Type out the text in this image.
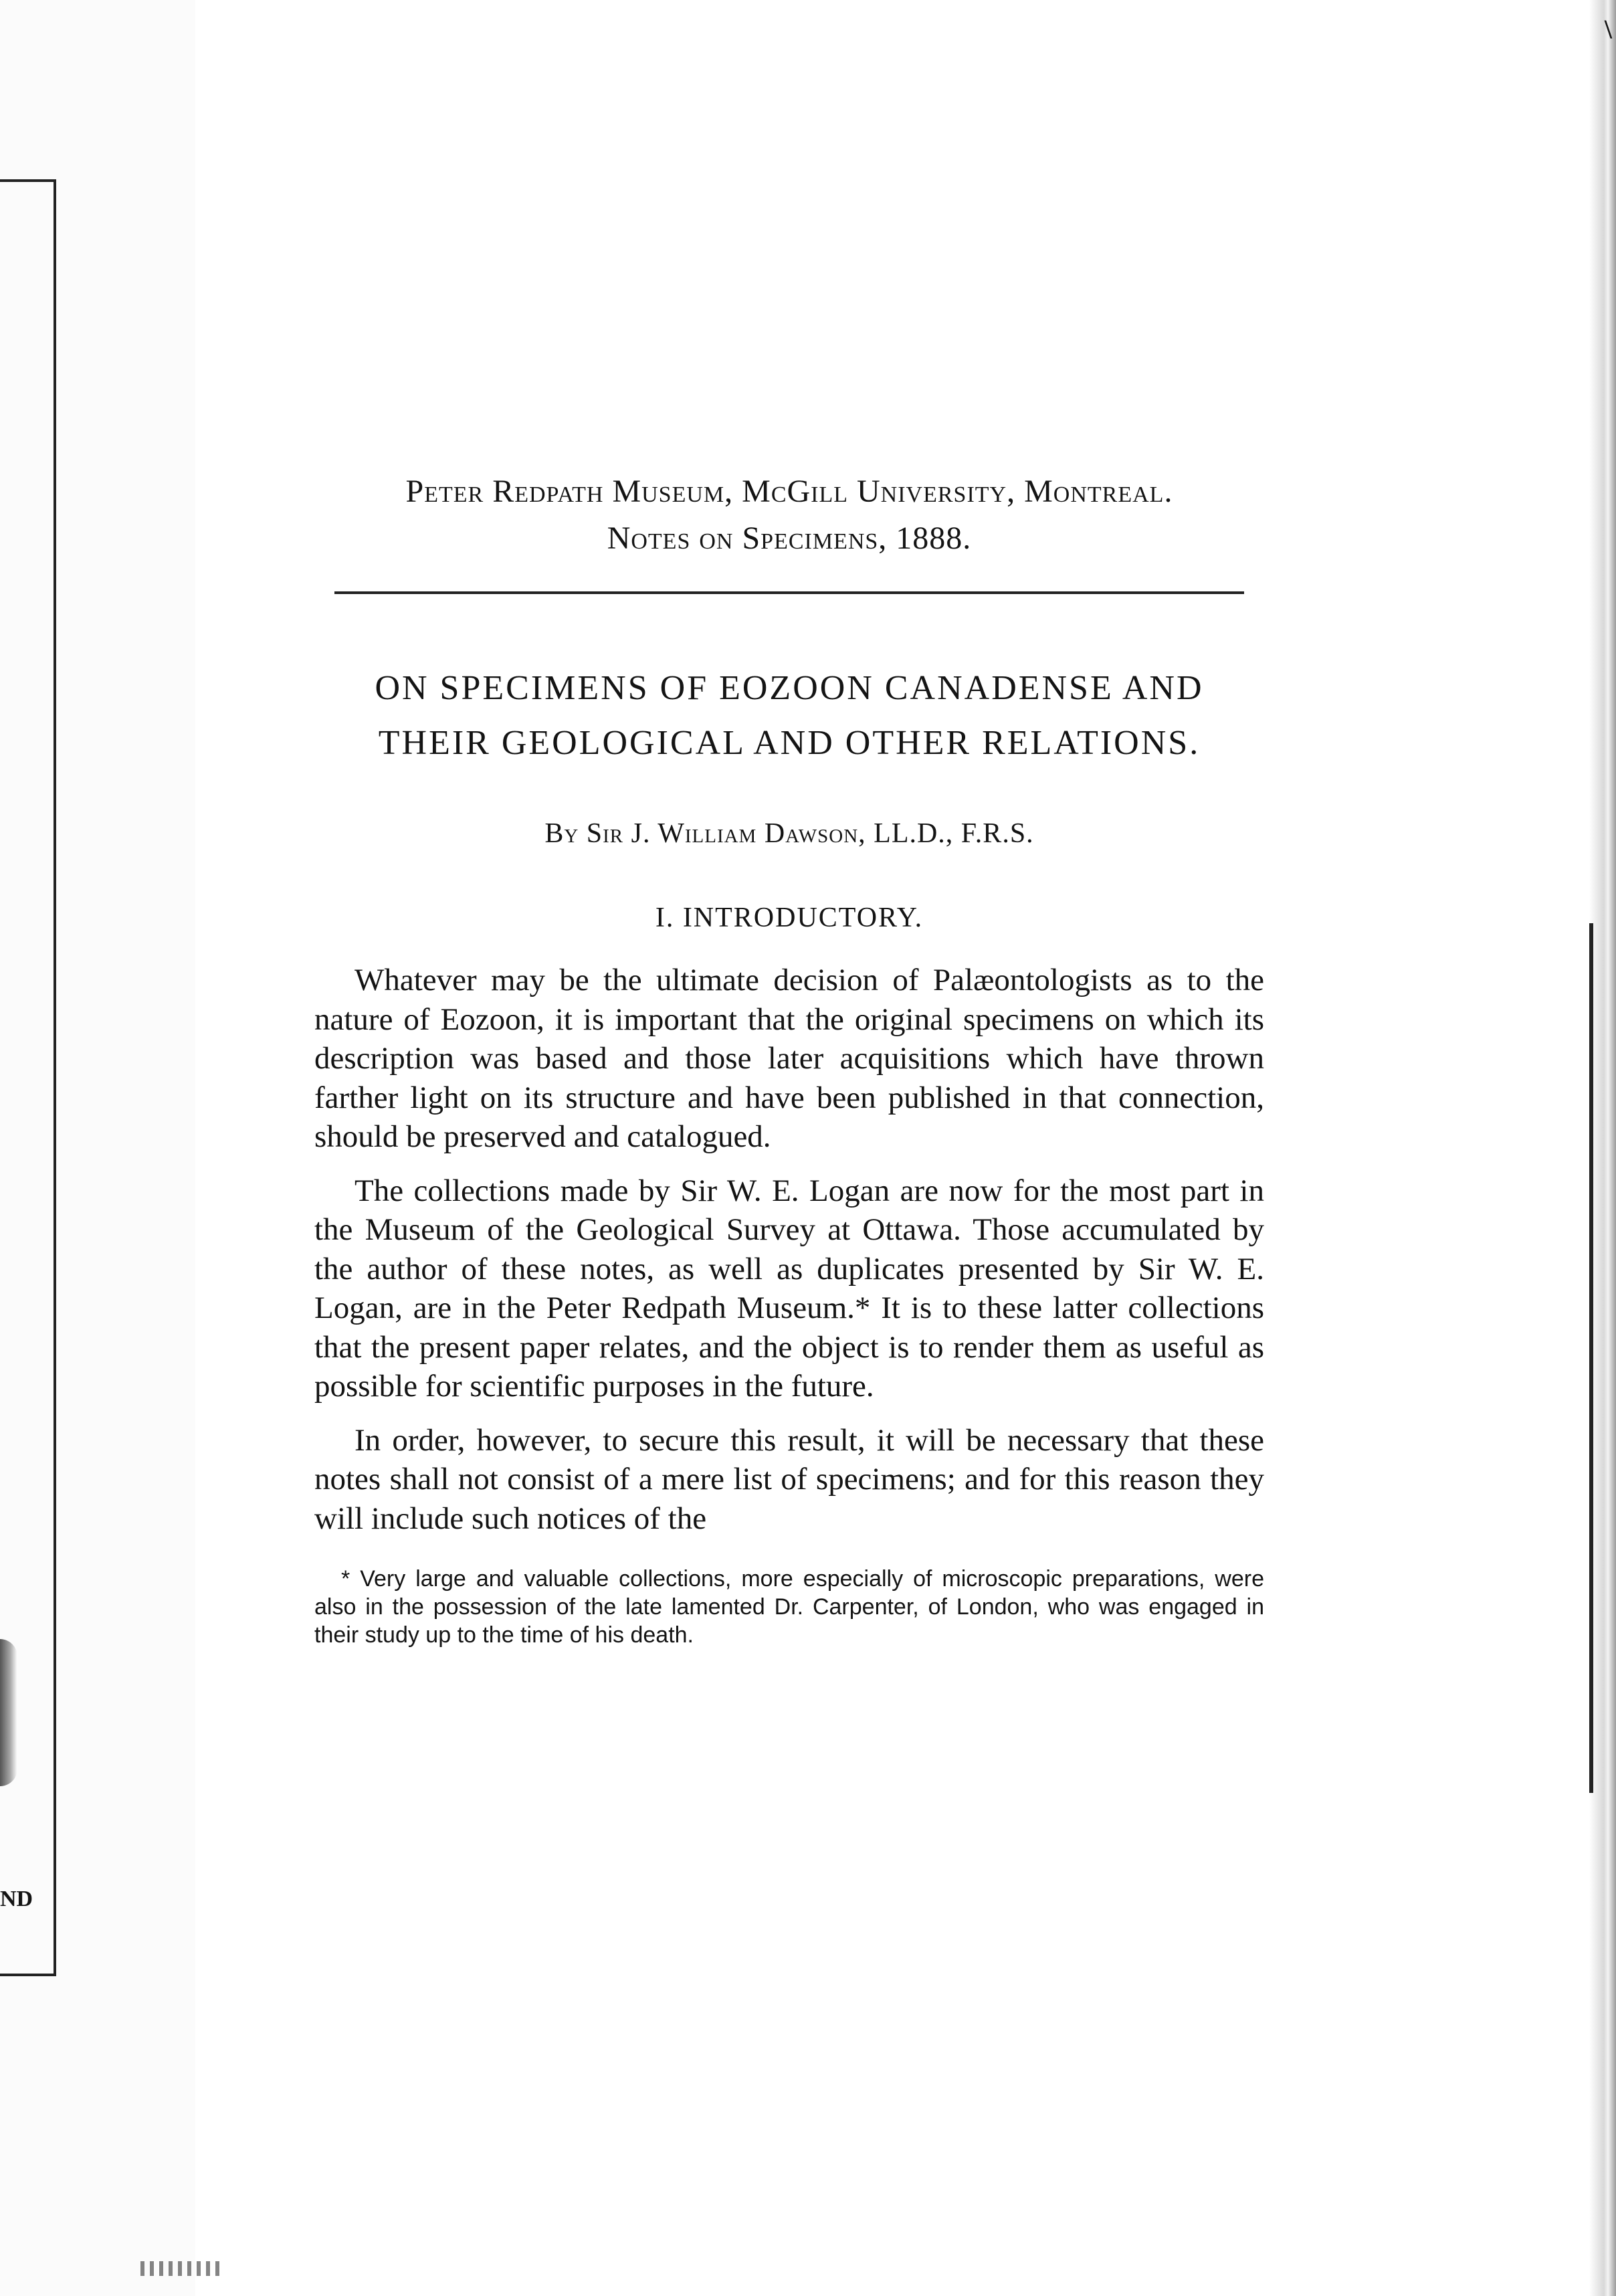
ND
\
Peter Redpath Museum, McGill University, Montreal.
Notes on Specimens, 1888.
ON SPECIMENS OF EOZOON CANADENSE AND
THEIR GEOLOGICAL AND OTHER RELATIONS.
By Sir J. William Dawson, LL.D., F.R.S.
I. INTRODUCTORY.

Whatever may be the ultimate decision of Palæontologists as to the nature of Eozoon, it is important that the original specimens on which its description was based and those later acquisitions which have thrown farther light on its structure and have been published in that connection, should be preserved and catalogued.

The collections made by Sir W. E. Logan are now for the most part in the Museum of the Geological Survey at Ottawa. Those accumulated by the author of these notes, as well as duplicates presented by Sir W. E. Logan, are in the Peter Redpath Museum.* It is to these latter collections that the present paper relates, and the object is to render them as useful as possible for scientific purposes in the future.

In order, however, to secure this result, it will be necessary that these notes shall not consist of a mere list of specimens; and for this reason they will include such notices of the

* Very large and valuable collections, more especially of microscopic preparations, were also in the possession of the late lamented Dr. Carpenter, of London, who was engaged in their study up to the time of his death.
